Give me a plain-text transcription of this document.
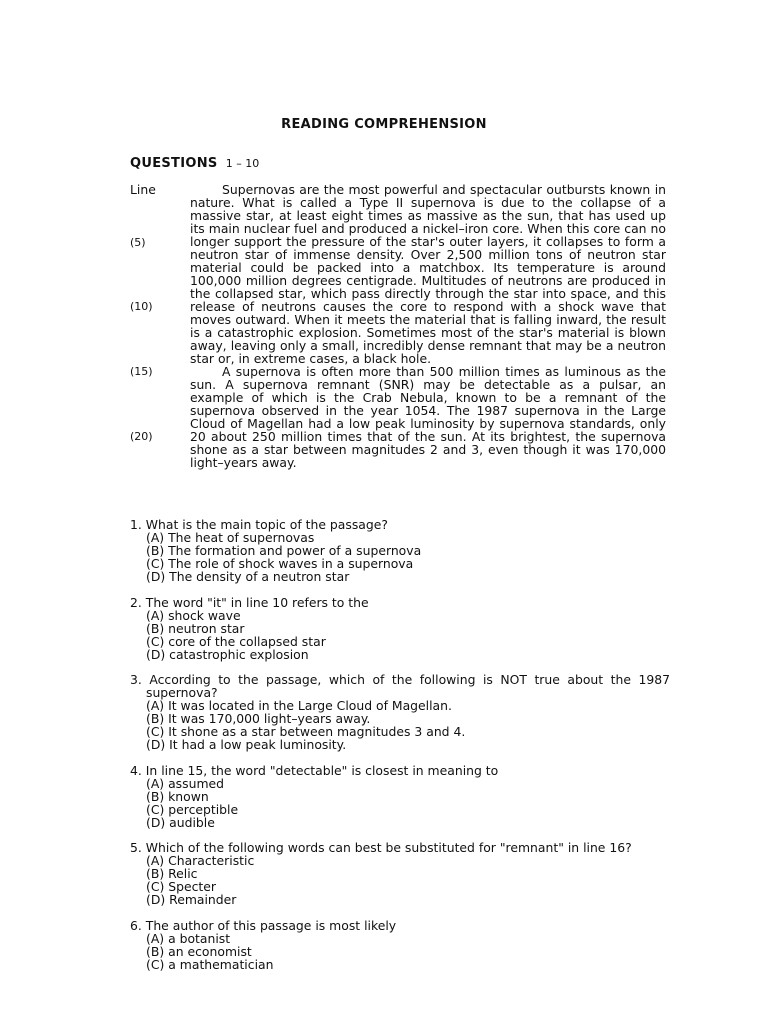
READING COMPREHENSION
QUESTIONS 1 – 10
Line
(5)
(10)
(15)
(20)

Supernovas are the most powerful and spectacular outbursts known in nature. What is called a Type II supernova is due to the collapse of a massive star, at least eight times as massive as the sun, that has used up its main nuclear fuel and produced a nickel–iron core. When this core can no longer support the pressure of the star's outer layers, it collapses to form a neutron star of immense density. Over 2,500 million tons of neutron star material could be packed into a matchbox. Its temperature is around 100,000 million degrees centigrade. Multitudes of neutrons are produced in the collapsed star, which pass directly through the star into space, and this release of neutrons causes the core to respond with a shock wave that moves outward. When it meets the material that is falling inward, the result is a catastrophic explosion. Sometimes most of the star's material is blown away, leaving only a small, incredibly dense remnant that may be a neutron star or, in extreme cases, a black hole.

A supernova is often more than 500 million times as luminous as the sun. A supernova remnant (SNR) may be detectable as a pulsar, an example of which is the Crab Nebula, known to be a remnant of the supernova observed in the year 1054. The 1987 supernova in the Large Cloud of Magellan had a low peak luminosity by supernova standards, only 20 about 250 million times that of the sun. At its brightest, the supernova shone as a star between magnitudes 2 and 3, even though it was 170,000 light–years away.

1. What is the main topic of the passage?
(A) The heat of supernovas
(B) The formation and power of a supernova
(C) The role of shock waves in a supernova
(D) The density of a neutron star
2. The word "it" in line 10 refers to the
(A) shock wave
(B) neutron star
(C) core of the collapsed star
(D) catastrophic explosion
3. According to the passage, which of the following is NOT true about the 1987 supernova?
(A) It was located in the Large Cloud of Magellan.
(B) It was 170,000 light–years away.
(C) It shone as a star between magnitudes 3 and 4.
(D) It had a low peak luminosity.
4. In line 15, the word "detectable" is closest in meaning to
(A) assumed
(B) known
(C) perceptible
(D) audible
5. Which of the following words can best be substituted for "remnant" in line 16?
(A) Characteristic
(B) Relic
(C) Specter
(D) Remainder
6. The author of this passage is most likely
(A) a botanist
(B) an economist
(C) a mathematician
